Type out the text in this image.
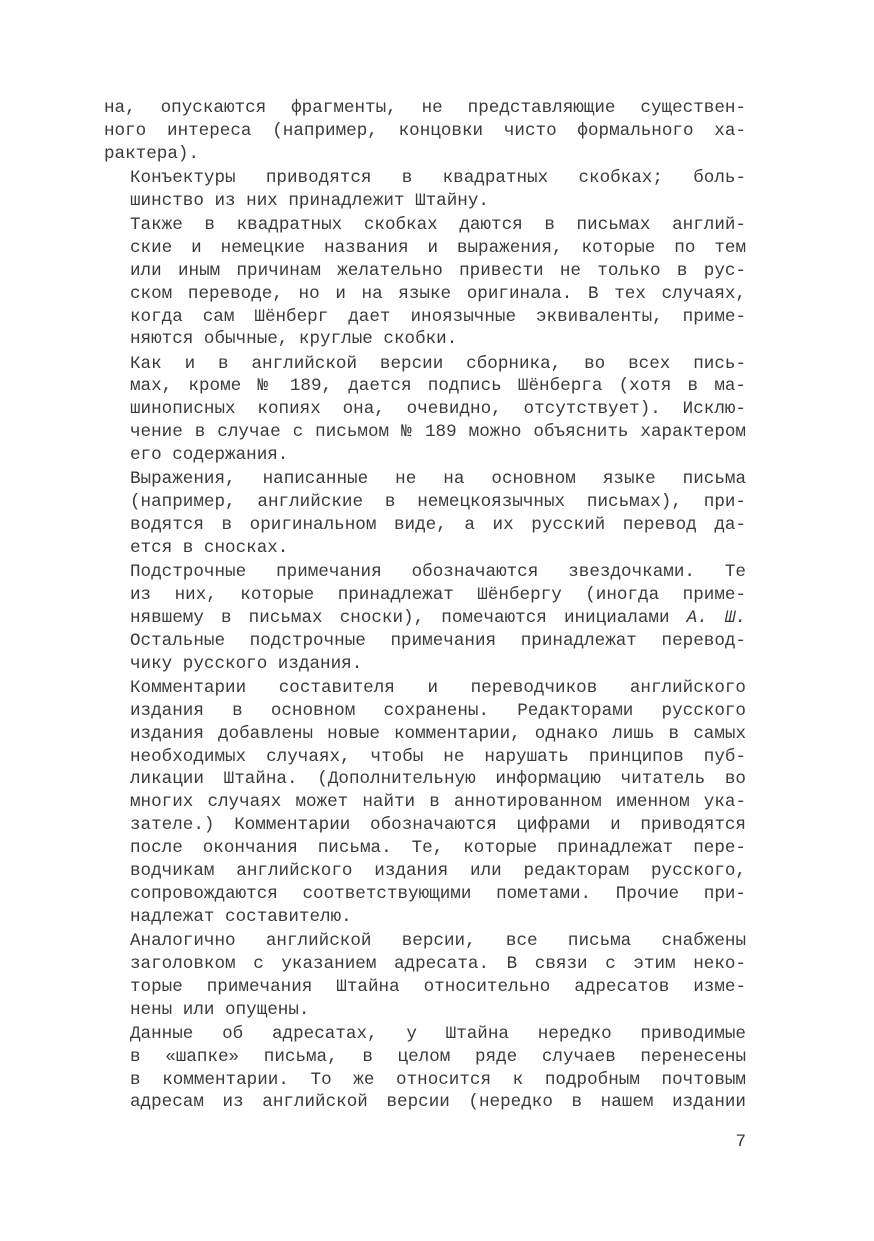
на, опускаются фрагменты, не представляющие существен-
ного интереса (например, концовки чисто формального ха-
рактера).

Конъектуры приводятся в квадратных скобках; боль-
шинство из них принадлежит Штайну.

Также в квадратных скобках даются в письмах англий-
ские и немецкие названия и выражения, которые по тем
или иным причинам желательно привести не только в рус-
ском переводе, но и на языке оригинала. В тех случаях,
когда сам Шёнберг дает иноязычные эквиваленты, приме-
няются обычные, круглые скобки.

Как и в английской версии сборника, во всех пись-
мах, кроме № 189, дается подпись Шёнберга (хотя в ма-
шинописных копиях она, очевидно, отсутствует). Исклю-
чение в случае с письмом № 189 можно объяснить характером
его содержания.

Выражения, написанные не на основном языке письма
(например, английские в немецкоязычных письмах), при-
водятся в оригинальном виде, а их русский перевод да-
ется в сносках.

Подстрочные примечания обозначаются звездочками. Те
из них, которые принадлежат Шёнбергу (иногда приме-
нявшему в письмах сноски), помечаются инициалами А. Ш.
Остальные подстрочные примечания принадлежат перевод-
чику русского издания.

Комментарии составителя и переводчиков английского
издания в основном сохранены. Редакторами русского
издания добавлены новые комментарии, однако лишь в самых
необходимых случаях, чтобы не нарушать принципов пуб-
ликации Штайна. (Дополнительную информацию читатель во
многих случаях может найти в аннотированном именном ука-
зателе.) Комментарии обозначаются цифрами и приводятся
после окончания письма. Те, которые принадлежат пере-
водчикам английского издания или редакторам русского,
сопровождаются соответствующими пометами. Прочие при-
надлежат составителю.

Аналогично английской версии, все письма снабжены
заголовком с указанием адресата. В связи с этим неко-
торые примечания Штайна относительно адресатов изме-
нены или опущены.

Данные об адресатах, у Штайна нередко приводимые
в «шапке» письма, в целом ряде случаев перенесены
в комментарии. То же относится к подробным почтовым
адресам из английской версии (нередко в нашем издании

7
